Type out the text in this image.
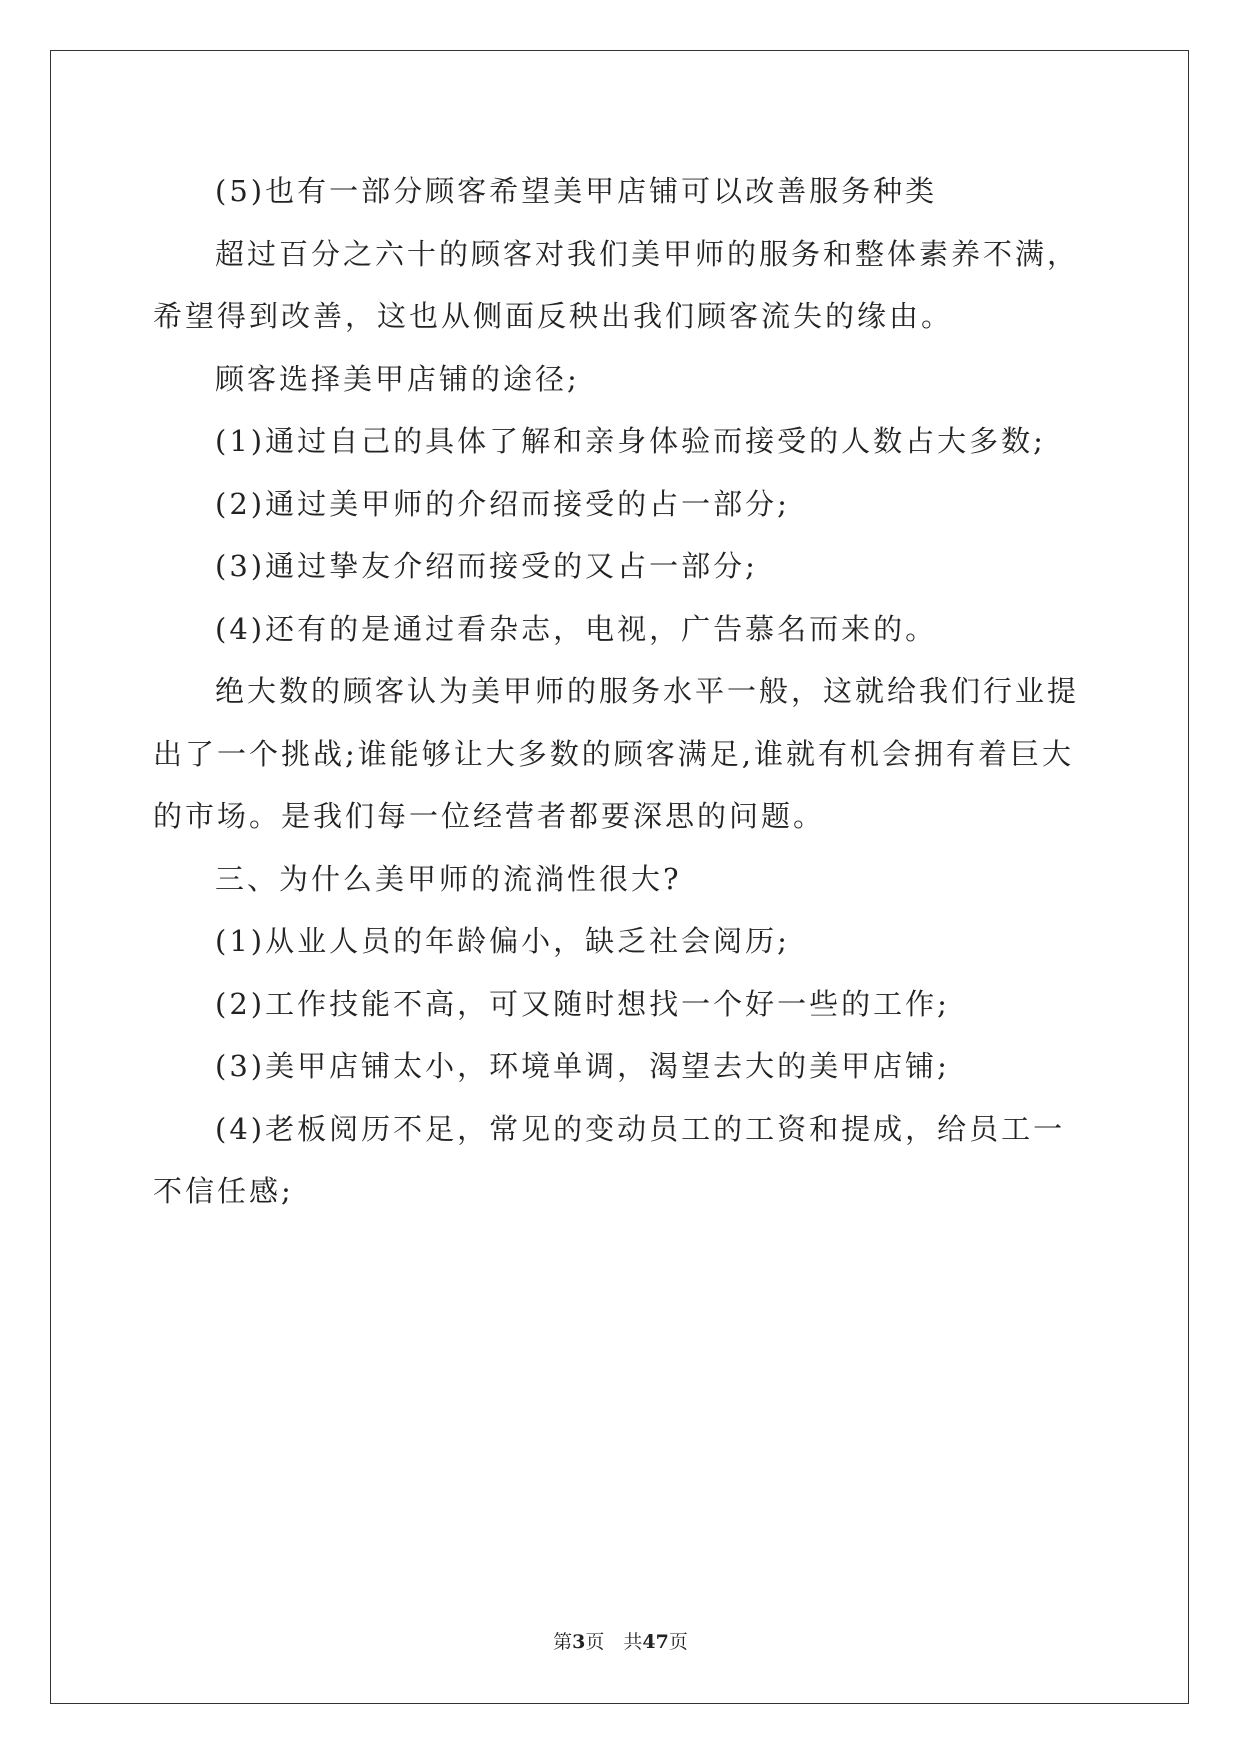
(5)也有一部分顾客希望美甲店铺可以改善服务种类

超过百分之六十的顾客对我们美甲师的服务和整体素养不满，希望得到改善，这也从侧面反秧出我们顾客流失的缘由。

顾客选择美甲店铺的途径;

(1)通过自己的具体了解和亲身体验而接受的人数占大多数;

(2)通过美甲师的介绍而接受的占一部分;

(3)通过挚友介绍而接受的又占一部分;

(4)还有的是通过看杂志，电视，广告慕名而来的。

绝大数的顾客认为美甲师的服务水平一般，这就给我们行业提出了一个挑战;谁能够让大多数的顾客满足,谁就有机会拥有着巨大的市场。是我们每一位经营者都要深思的问题。

三、为什么美甲师的流淌性很大?

(1)从业人员的年龄偏小，缺乏社会阅历;

(2)工作技能不高，可又随时想找一个好一些的工作;

(3)美甲店铺太小，环境单调，渴望去大的美甲店铺;

(4)老板阅历不足，常见的变动员工的工资和提成，给员工一不信任感;

第3页　共47页
